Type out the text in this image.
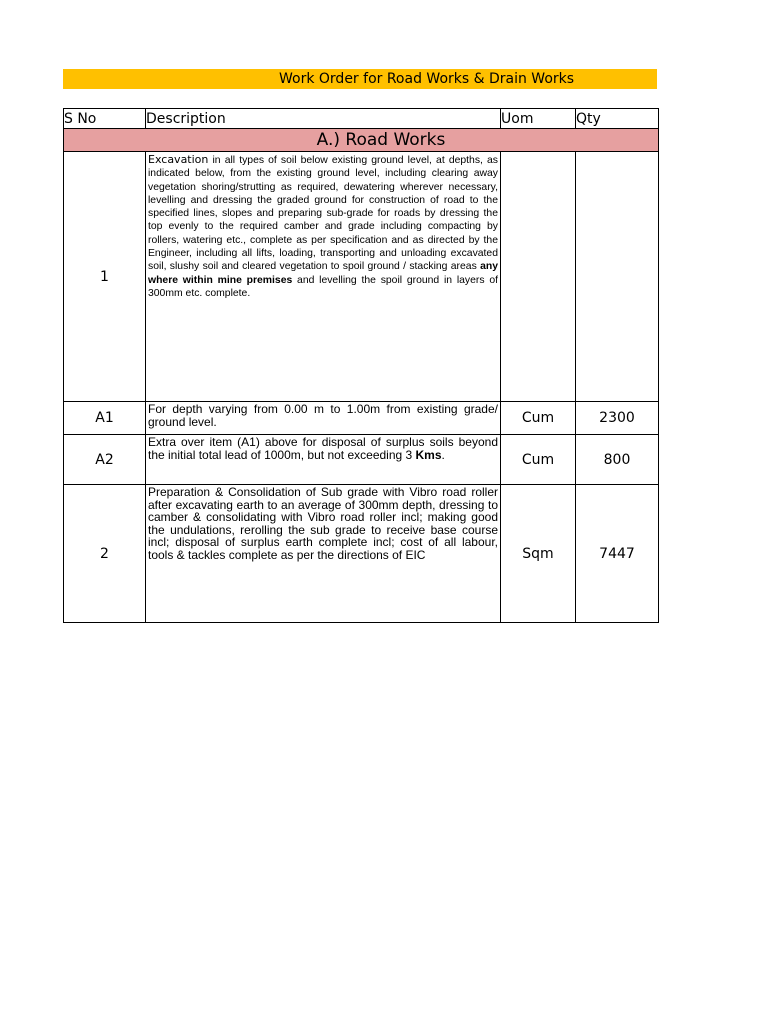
Work Order for Road Works & Drain Works
S No	Description	Uom	Qty
A.) Road Works			
1	Excavation in all types of soil below existing ground level, at depths, as indicated below, from the existing ground level, including clearing away vegetation shoring/strutting as required, dewatering wherever necessary, levelling and dressing the graded ground for construction of road to the specified lines, slopes and preparing sub-grade for roads by dressing the top evenly to the required camber and grade including compacting by rollers, watering etc., complete as per specification and as directed by the Engineer, including all lifts, loading, transporting and unloading excavated soil, slushy soil and cleared vegetation to spoil ground / stacking areas any where within mine premises and levelling the spoil ground in layers of 300mm etc. complete.		
A1	For depth varying from 0.00 m to 1.00m from existing grade/ ground level.	Cum	2300
A2	Extra over item (A1) above for disposal of surplus soils beyond the initial total lead of 1000m, but not exceeding 3 Kms.	Cum	800
2	Preparation & Consolidation of Sub grade with Vibro road roller after excavating earth to an average of 300mm depth, dressing to camber & consolidating with Vibro road roller incl; making good the undulations, rerolling the sub grade to receive base course incl; disposal of surplus earth complete incl; cost of all labour, tools & tackles complete as per the directions of EIC	Sqm	7447
